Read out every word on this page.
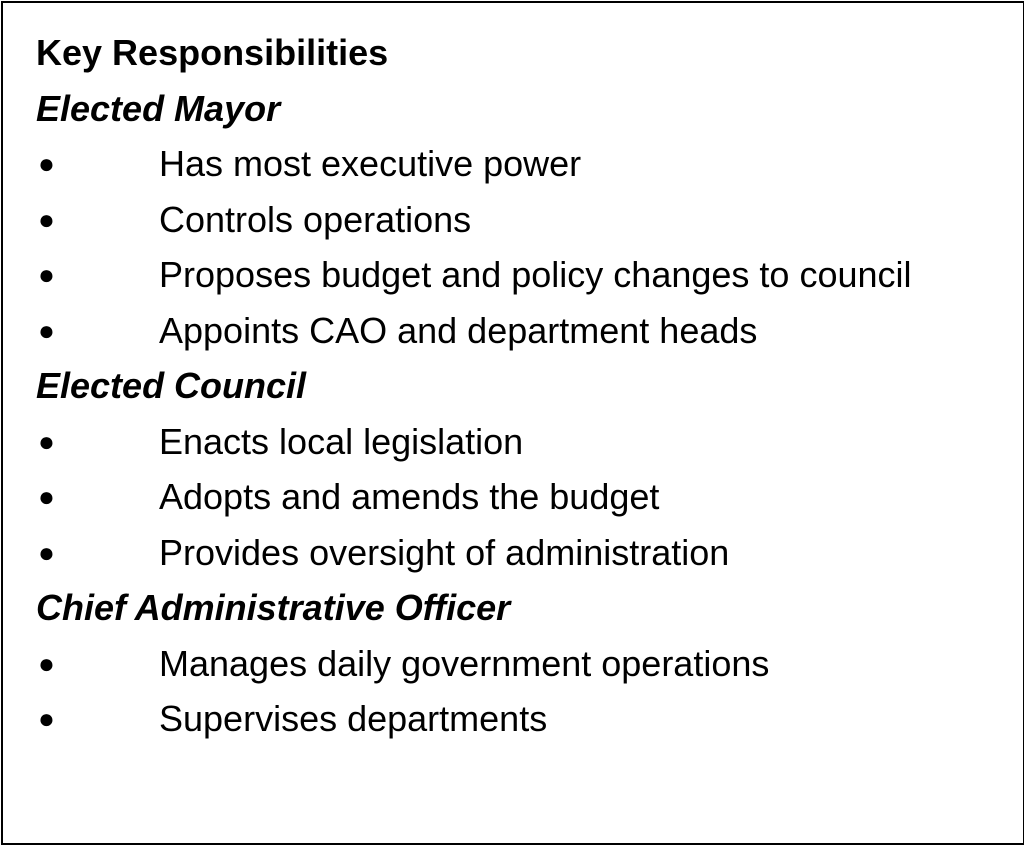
Key Responsibilities
Elected Mayor
●	Has most executive power
●	Controls operations
●	Proposes budget and policy changes to council
●	Appoints CAO and department heads
Elected Council
●	Enacts local legislation
●	Adopts and amends the budget
●	Provides oversight of administration
Chief Administrative Officer
●	Manages daily government operations
●	Supervises departments
